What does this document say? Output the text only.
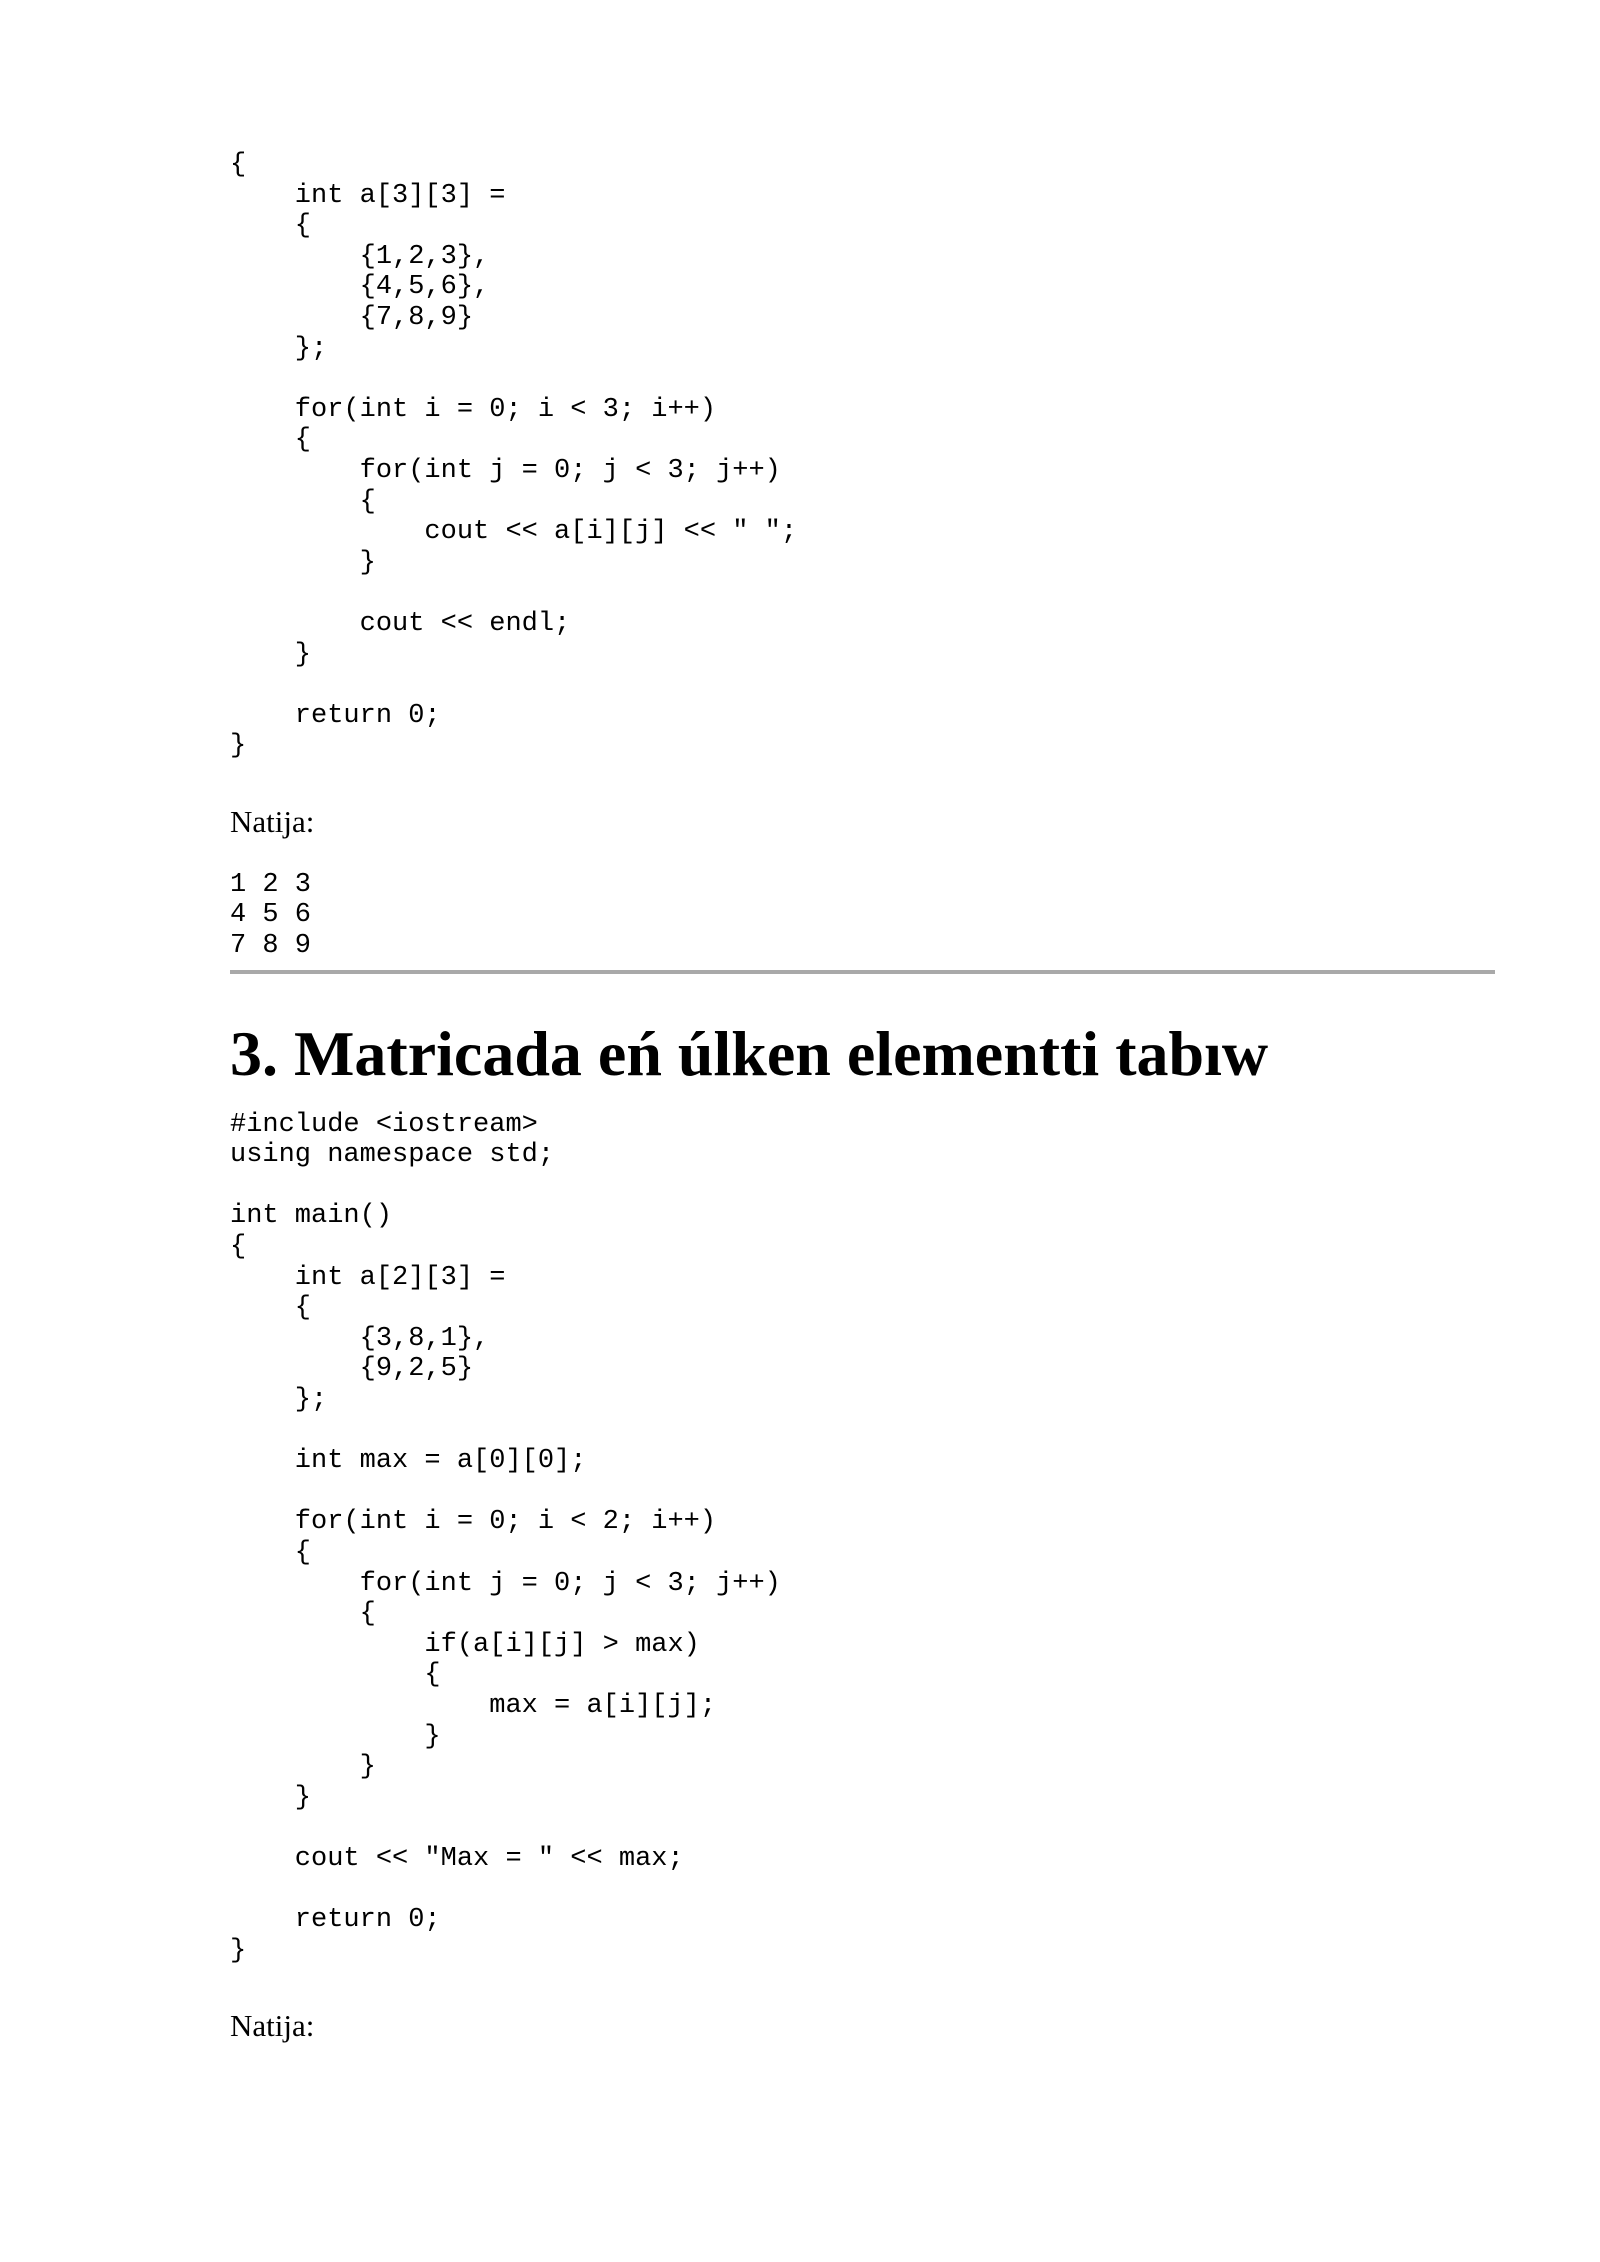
{
int a[3][3] =
{
{1,2,3},
{4,5,6},
{7,8,9}
};

for(int i = 0; i < 3; i++)
{
for(int j = 0; j < 3; j++)
{
cout << a[i][j] << " ";
}

cout << endl;
}

return 0;
}

Natija:

1 2 3
4 5 6
7 8 9
3. Matricada eń úlken elementti tabıw
#include <iostream>
using namespace std;

int main()
{
int a[2][3] =
{
{3,8,1},
{9,2,5}
};

int max = a[0][0];

for(int i = 0; i < 2; i++)
{
for(int j = 0; j < 3; j++)
{
if(a[i][j] > max)
{
max = a[i][j];
}
}
}

cout << "Max = " << max;

return 0;
}

Natija:
